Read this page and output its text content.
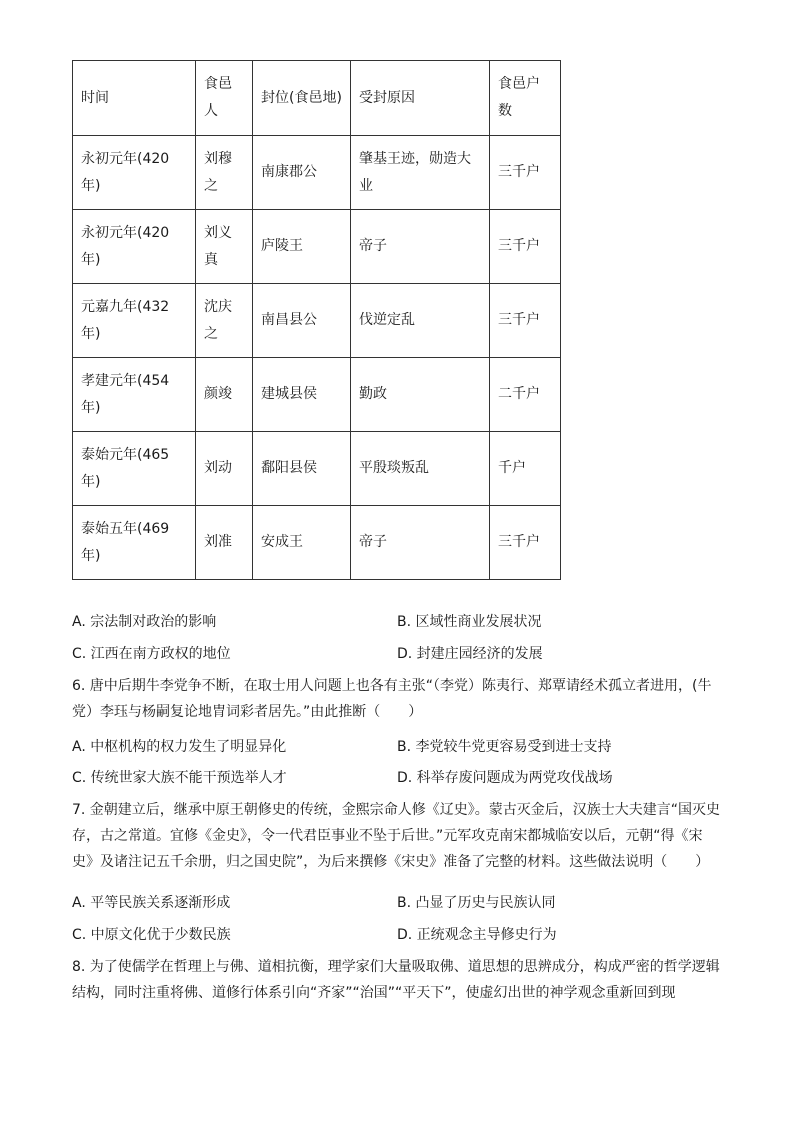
时间	食邑人	封位(食邑地)	受封原因	食邑户数
永初元年(420年)	刘穆之	南康郡公	肇基王迹，勋造大业	三千户
永初元年(420年)	刘义真	庐陵王	帝子	三千户
元嘉九年(432年)	沈庆之	南昌县公	伐逆定乱	三千户
孝建元年(454年)	颜竣	建城县侯	勤政	二千户
泰始元年(465年)	刘动	鄱阳县侯	平殷琰叛乱	千户
泰始五年(469年)	刘准	安成王	帝子	三千户
A. 宗法制对政治的影响	B. 区域性商业发展状况
C. 江西在南方政权的地位	D. 封建庄园经济的发展
6. 唐中后期牛李党争不断，在取士用人问题上也各有主张“（李党）陈夷行、郑覃请经术孤立者进用，(牛党）李珏与杨嗣复论地胄词彩者居先。”由此推断（　　）
A. 中枢机构的权力发生了明显异化	B. 李党较牛党更容易受到进士支持
C. 传统世家大族不能干预选举人才	D. 科举存废问题成为两党攻伐战场
7. 金朝建立后，继承中原王朝修史的传统，金熙宗命人修《辽史》。蒙古灭金后，汉族士大夫建言“国灭史存，古之常道。宜修《金史》，令一代君臣事业不坠于后世。”元军攻克南宋都城临安以后，元朝“得《宋史》及诸注记五千余册，归之国史院”，为后来撰修《宋史》准备了完整的材料。这些做法说明（　　）
A. 平等民族关系逐渐形成	B. 凸显了历史与民族认同
C. 中原文化优于少数民族	D. 正统观念主导修史行为
8. 为了使儒学在哲理上与佛、道相抗衡，理学家们大量吸取佛、道思想的思辨成分，构成严密的哲学逻辑结构，同时注重将佛、道修行体系引向“齐家”“治国”“平天下”，使虚幻出世的神学观念重新回到现
